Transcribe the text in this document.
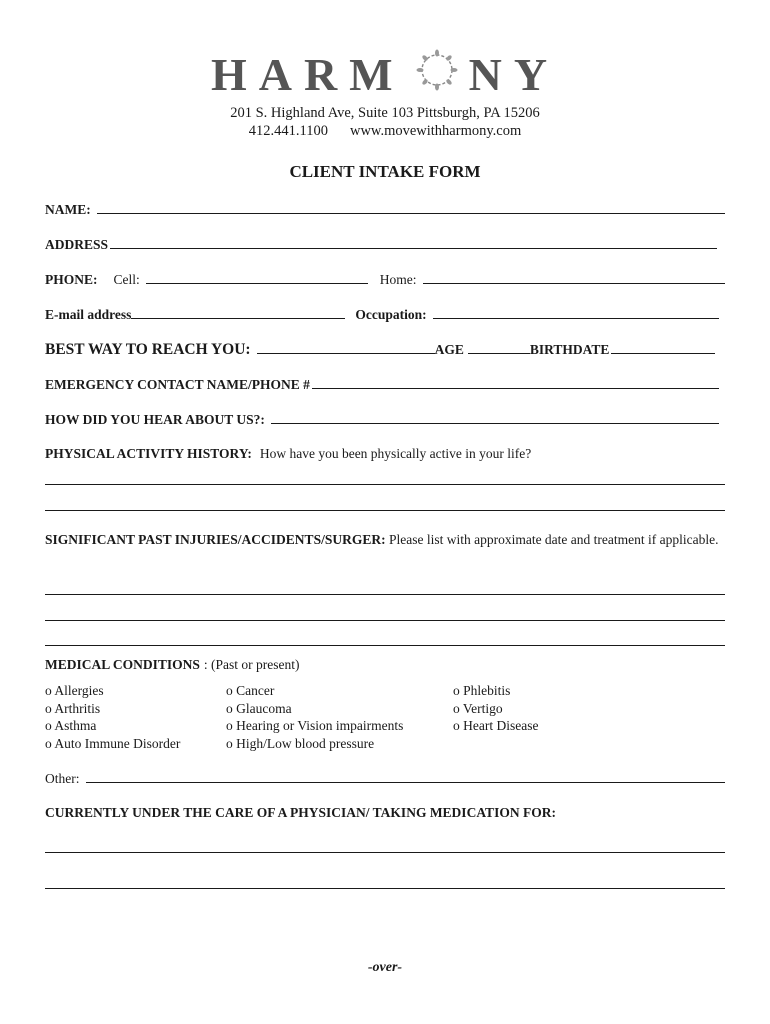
HARM NY
201 S. Highland Ave, Suite 103 Pittsburgh, PA 15206
412.441.1100 www.movewithharmony.com
CLIENT INTAKE FORM
NAME:
ADDRESS
PHONE: Cell:	Home:
E-mail address	Occupation:
BEST WAY TO REACH YOU:	AGE	BIRTHDATE
EMERGENCY CONTACT NAME/PHONE #
HOW DID YOU HEAR ABOUT US?:
PHYSICAL ACTIVITY HISTORY: How have you been physically active in your life?
SIGNIFICANT PAST INJURIES/ACCIDENTS/SURGER: Please list with approximate date and treatment if applicable.
MEDICAL CONDITIONS : (Past or present)
o Allergies
o Arthritis
o Asthma
o Auto Immune Disorder
o Cancer
o Glaucoma
o Hearing or Vision impairments
o High/Low blood pressure
o Phlebitis
o Vertigo
o Heart Disease
Other:
CURRENTLY UNDER THE CARE OF A PHYSICIAN/ TAKING MEDICATION FOR:
-over-
